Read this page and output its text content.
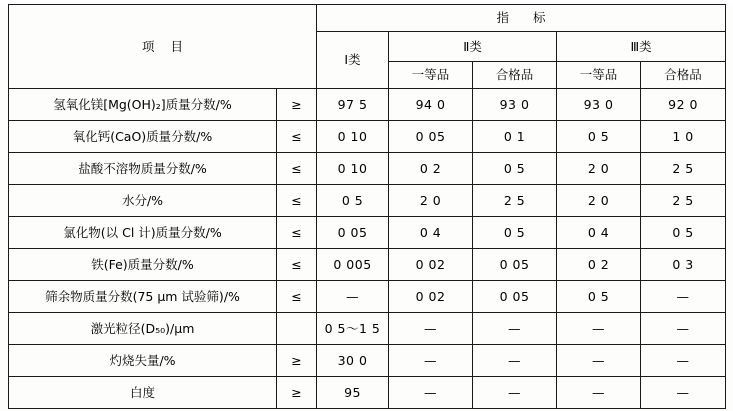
项 目		指 标				
		Ⅰ类	Ⅱ类		Ⅲ类	
			一等品	合格品	一等品	合格品
氢氧化镁[Mg(OH)₂]质量分数/%	≥	97 5	94 0	93 0	93 0	92 0
氧化钙(CaO)质量分数/%	≤	0 10	0 05	0 1	0 5	1 0
盐酸不溶物质量分数/%	≤	0 10	0 2	0 5	2 0	2 5
水分/%	≤	0 5	2 0	2 5	2 0	2 5
氯化物(以 Cl 计)质量分数/%	≤	0 05	0 4	0 5	0 4	0 5
铁(Fe)质量分数/%	≤	0 005	0 02	0 05	0 2	0 3
筛余物质量分数(75 μm 试验筛)/%	≤	—	0 02	0 05	0 5	—
激光粒径(D₅₀)/μm		0 5～1 5	—	—	—	—
灼烧失量/%	≥	30 0	—	—	—	—
白度	≥	95	—	—	—	—
